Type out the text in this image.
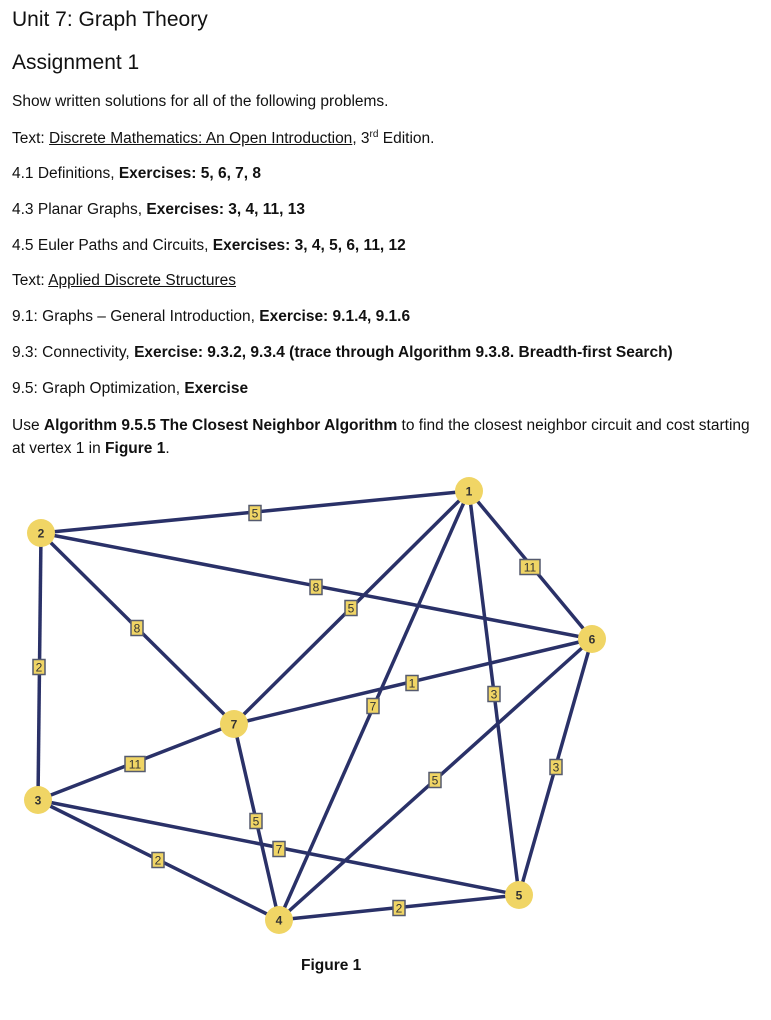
Unit 7: Graph Theory
Assignment 1
Show written solutions for all of the following problems.
Text: Discrete Mathematics: An Open Introduction, 3rd Edition.
4.1 Definitions, Exercises: 5, 6, 7, 8
4.3 Planar Graphs, Exercises: 3, 4, 11, 13
4.5 Euler Paths and Circuits, Exercises: 3, 4, 5, 6, 11, 12
Text: Applied Discrete Structures
9.1: Graphs – General Introduction, Exercise: 9.1.4, 9.1.6
9.3: Connectivity, Exercise: 9.3.2, 9.3.4 (trace through Algorithm 9.3.8. Breadth-first Search)
9.5: Graph Optimization, Exercise
Use Algorithm 9.5.5 The Closest Neighbor Algorithm to find the closest neighbor circuit and cost starting at vertex 1 in Figure 1.
5
11
5
7
3
8
8
2
1
11
5
7
2
5
3
2
1
2
3
4
5
6
7
Figure 1
